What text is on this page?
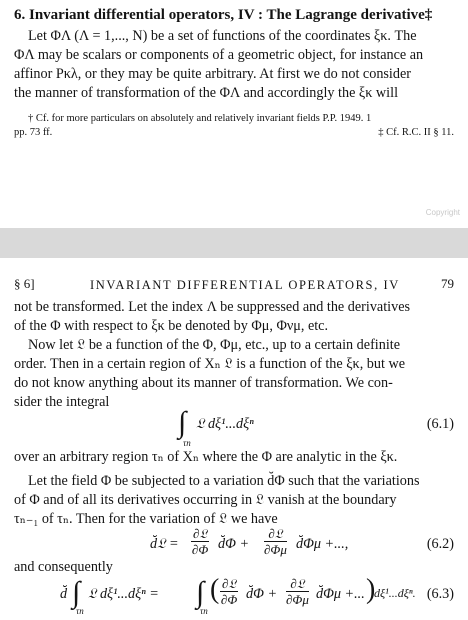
6. Invariant differential operators, IV : The Lagrange derivative‡
Let ΦΛ (Λ = 1,..., N) be a set of functions of the coordinates ξκ. The
ΦΛ may be scalars or components of a geometric object, for instance an
affinor Pκλ, or they may be quite arbitrary. At first we do not consider
the manner of transformation of the ΦΛ and accordingly the ξκ will
† Cf. for more particulars on absolutely and relatively invariant fields P.P. 1949. 1
pp. 73 ff.	‡ Cf. R.C. II § 11.
Copyright
§ 6]	INVARIANT DIFFERENTIAL OPERATORS, IV	79
not be transformed. Let the index Λ be suppressed and the derivatives
of the Φ with respect to ξκ be denoted by Φμ, Φνμ, etc.
Now let 𝔏 be a function of the Φ, Φμ, etc., up to a certain definite
order. Then in a certain region of Xₙ 𝔏 is a function of the ξκ, but we
do not know anything about its manner of transformation. We con-
sider the integral
∫
τn
𝔏 dξ¹...dξⁿ	(6.1)
over an arbitrary region τₙ of Xₙ where the Φ are analytic in the ξκ.
Let the field Φ be subjected to a variation d̆Φ such that the variations
of Φ and of all its derivatives occurring in 𝔏 vanish at the boundary
τₙ₋₁ of τₙ. Then for the variation of 𝔏 we have
d̆𝔏 =
∂𝔏
∂Φ d̆Φ +
∂𝔏
∂Φμ d̆Φμ +...,	(6.2)
and consequently
d̆ ∫
τn
𝔏 dξ¹...dξⁿ = ∫
τn
( ∂𝔏
∂Φ d̆Φ +
∂𝔏
∂Φμ d̆Φμ +... )
dξ¹...dξⁿ. (6.3)
